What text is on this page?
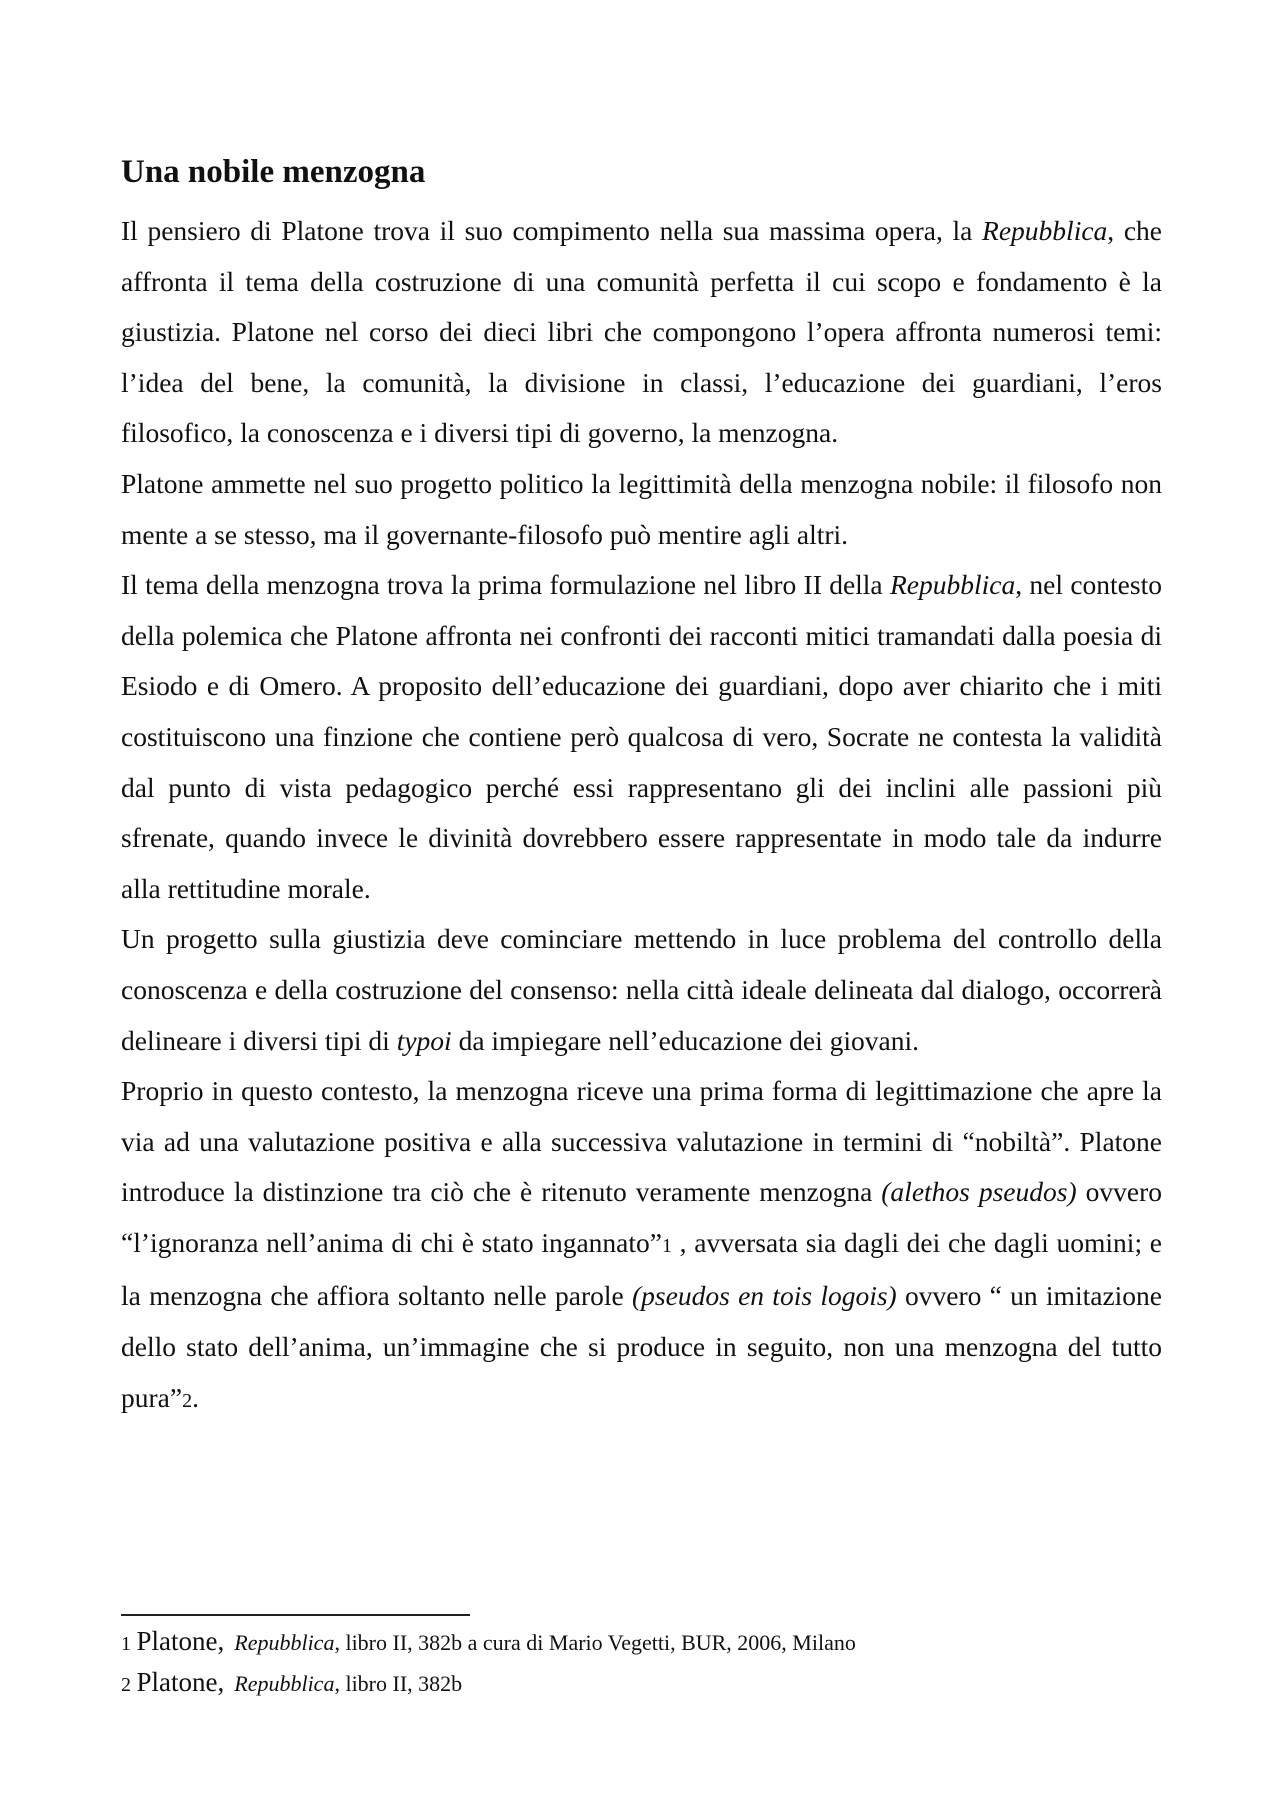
Una nobile menzogna

Il pensiero di Platone trova il suo compimento nella sua massima opera, la Repubblica, che affronta il tema della costruzione di una comunità perfetta il cui scopo e fondamento è la giustizia. Platone nel corso dei dieci libri che compongono l’opera affronta numerosi temi: l’idea del bene, la comunità, la divisione in classi, l’educazione dei guardiani, l’eros filosofico, la conoscenza e i diversi tipi di governo, la menzogna.

Platone ammette nel suo progetto politico la legittimità della menzogna nobile: il filosofo non mente a se stesso, ma il governante-filosofo può mentire agli altri.

Il tema della menzogna trova la prima formulazione nel libro II della Repubblica, nel contesto della polemica che Platone affronta nei confronti dei racconti mitici tramandati dalla poesia di Esiodo e di Omero. A proposito dell’educazione dei guardiani, dopo aver chiarito che i miti costituiscono una finzione che contiene però qualcosa di vero, Socrate ne contesta la validità dal punto di vista pedagogico perché essi rappresentano gli dei inclini alle passioni più sfrenate, quando invece le divinità dovrebbero essere rappresentate in modo tale da indurre alla rettitudine morale.

Un progetto sulla giustizia deve cominciare mettendo in luce problema del controllo della conoscenza e della costruzione del consenso: nella città ideale delineata dal dialogo, occorrerà delineare i diversi tipi di typoi da impiegare nell’educazione dei giovani.

Proprio in questo contesto, la menzogna riceve una prima forma di legittimazione che apre la via ad una valutazione positiva e alla successiva valutazione in termini di “nobiltà”. Platone introduce la distinzione tra ciò che è ritenuto veramente menzogna (alethos pseudos) ovvero “l’ignoranza nell’anima di chi è stato ingannato”1 , avversata sia dagli dei che dagli uomini; e la menzogna che affiora soltanto nelle parole (pseudos en tois logois) ovvero “ un imitazione dello stato dell’anima, un’immagine che si produce in seguito, non una menzogna del tutto pura”2.

1 Platone, Repubblica, libro II, 382b a cura di Mario Vegetti, BUR, 2006, Milano
2 Platone, Repubblica, libro II, 382b
